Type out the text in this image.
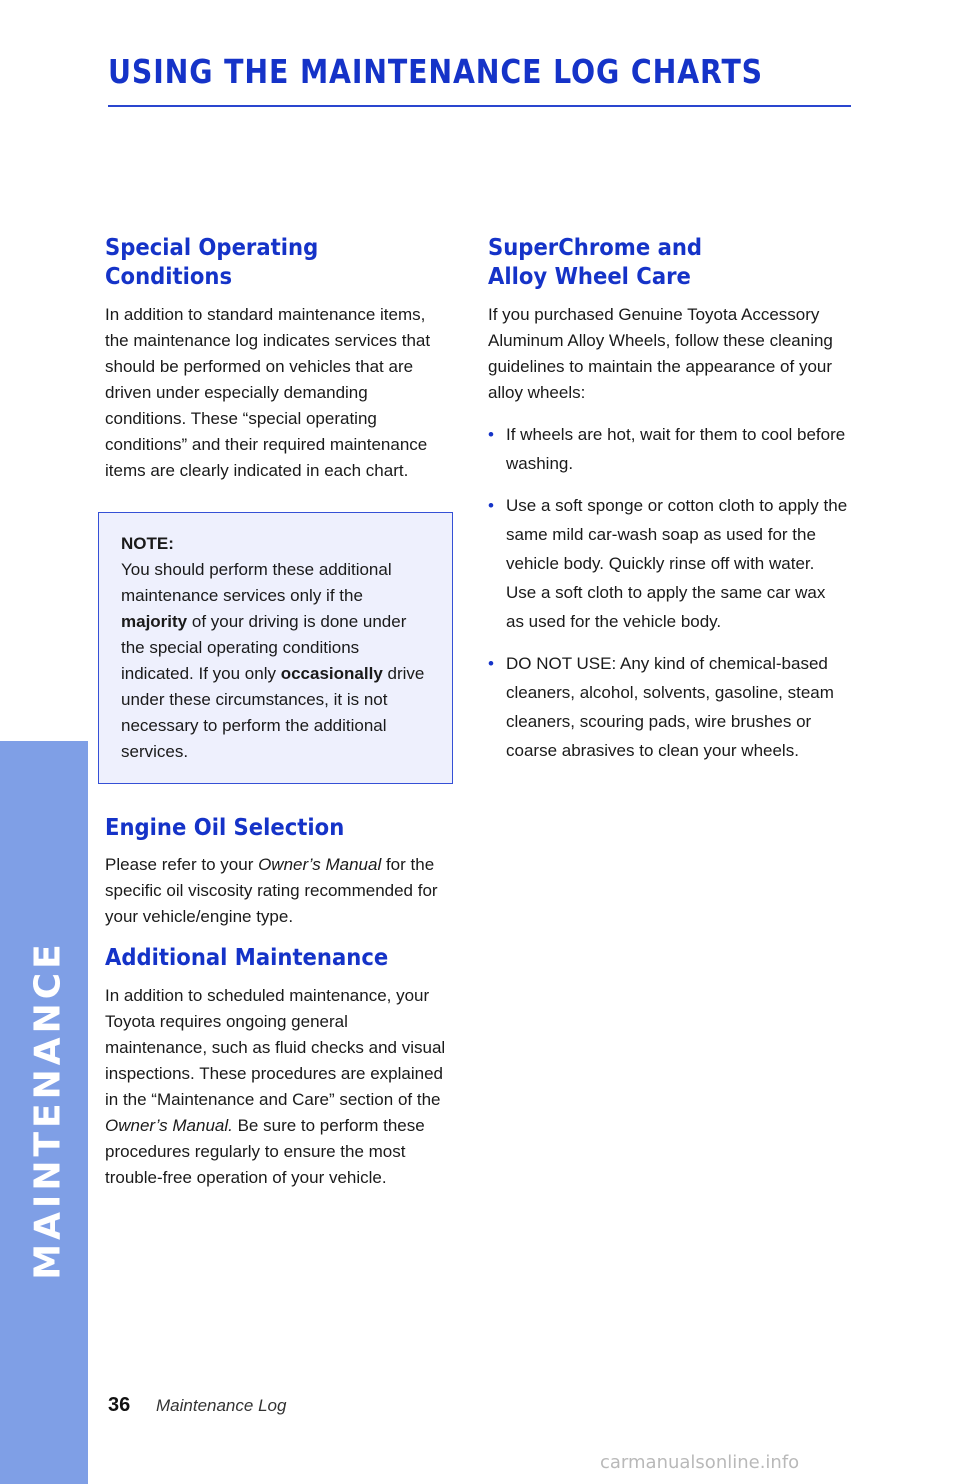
USING THE MAINTENANCE LOG CHARTS
MAINTENANCE
Special Operating Conditions

In addition to standard maintenance items, the maintenance log indicates services that should be performed on vehicles that are driven under especially demanding conditions. These “special operating conditions” and their required maintenance items are clearly indicated in each chart.

NOTE:

You should perform these additional maintenance services only if the majority of your driving is done under the special operating conditions indicated. If you only occasionally drive under these circumstances, it is not necessary to perform the additional services.

Engine Oil Selection

Please refer to your Owner’s Manual for the specific oil viscosity rating recommended for your vehicle/engine type.

Additional Maintenance

In addition to scheduled maintenance, your Toyota requires ongoing general maintenance, such as fluid checks and visual inspections. These procedures are explained in the “Maintenance and Care” section of the Owner’s Manual. Be sure to perform these procedures regularly to ensure the most trouble-free operation of your vehicle.

SuperChrome and
Alloy Wheel Care

If you purchased Genuine Toyota Accessory Aluminum Alloy Wheels, follow these cleaning guidelines to maintain the appearance of your alloy wheels:

• If wheels are hot, wait for them to cool before washing.
• Use a soft sponge or cotton cloth to apply the same mild car-wash soap as used for the vehicle body. Quickly rinse off with water. Use a soft cloth to apply the same car wax as used for the vehicle body.
• DO NOT USE: Any kind of chemical-based cleaners, alcohol, solvents, gasoline, steam cleaners, scouring pads, wire brushes or coarse abrasives to clean your wheels.
36 Maintenance Log
carmanualsonline.info
